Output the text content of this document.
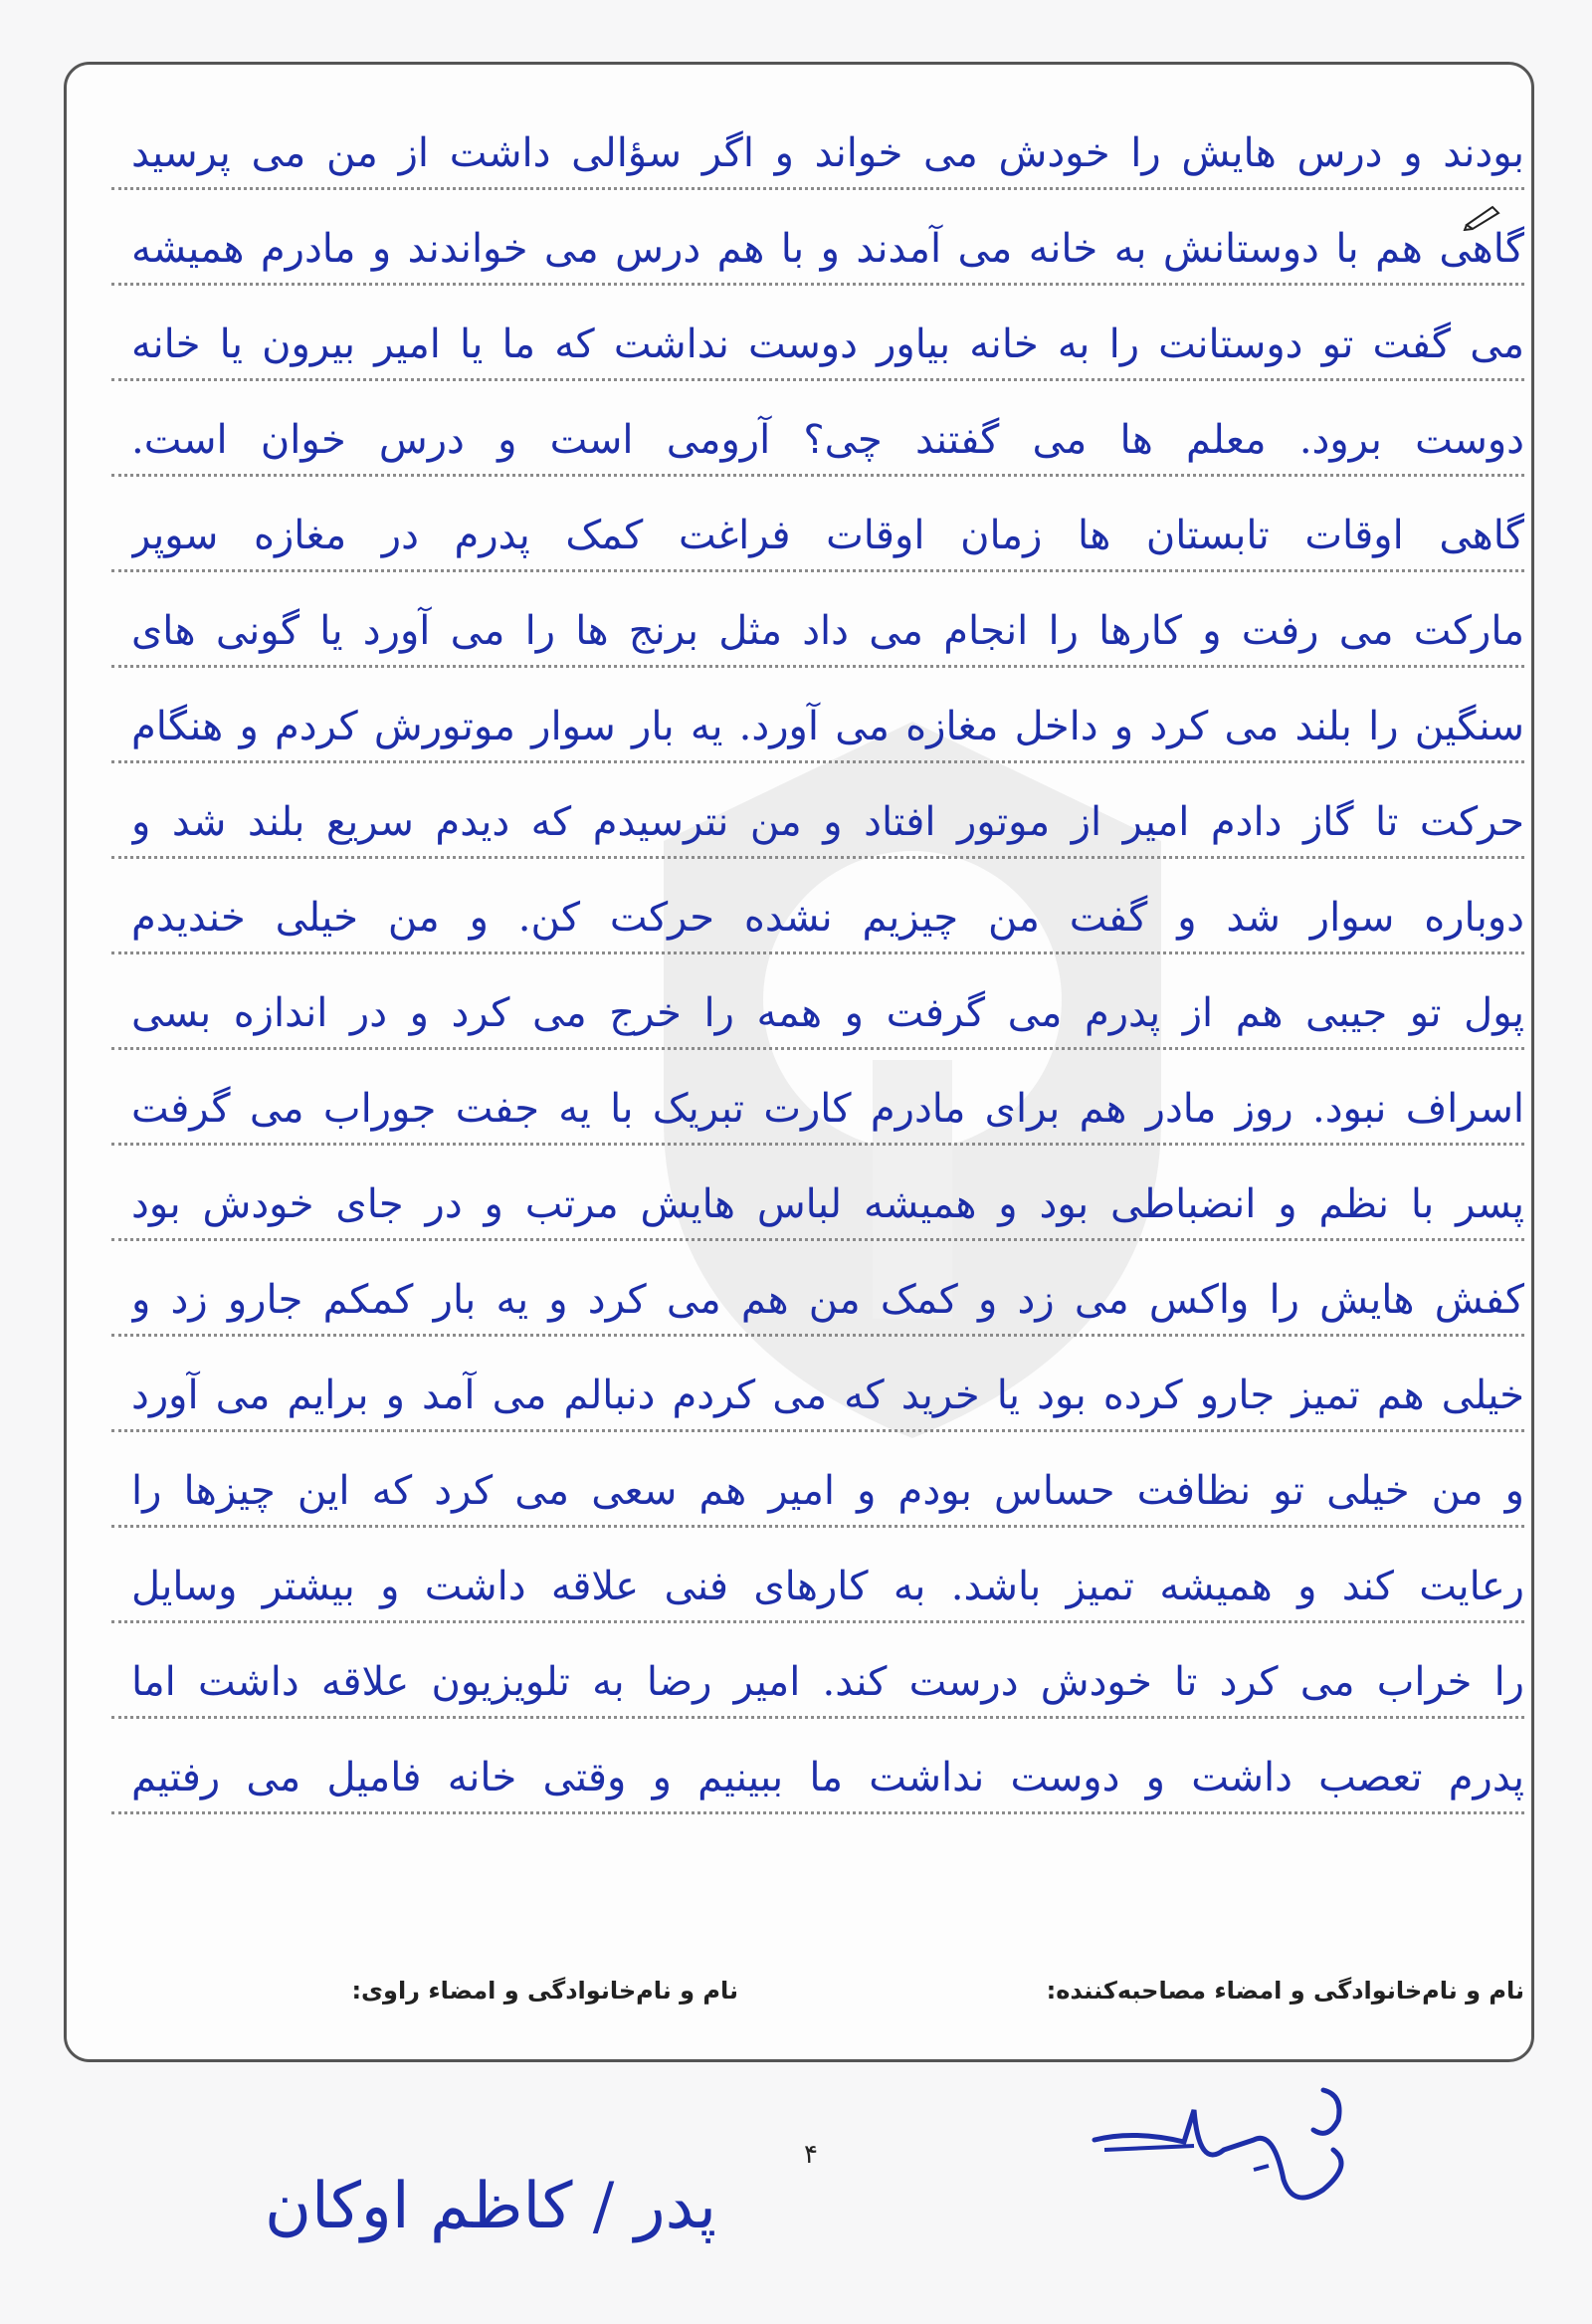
بودند و درس هایش را خودش می خواند و اگر سؤالی داشت از من می پرسید
گاهی هم با دوستانش به خانه می آمدند و با هم درس می خواندند و مادرم همیشه
می گفت تو دوستانت را به خانه بیاور دوست نداشت که ما یا امیر بیرون یا خانه
دوست برود. معلم ها می گفتند چی؟ آرومی است و درس خوان است.
گاهی اوقات تابستان ها زمان اوقات فراغت کمک پدرم در مغازه سوپر
مارکت می رفت و کارها را انجام می داد مثل برنج ها را می آورد یا گونی های
سنگین را بلند می کرد و داخل مغازه می آورد. یه بار سوار موتورش کردم و هنگام
حرکت تا گاز دادم امیر از موتور افتاد و من نترسیدم که دیدم سریع بلند شد و
دوباره سوار شد و گفت من چیزیم نشده حرکت کن. و من خیلی خندیدم
پول تو جیبی هم از پدرم می گرفت و همه را خرج می کرد و در اندازه بسی
اسراف نبود. روز مادر هم برای مادرم کارت تبریک با یه جفت جوراب می گرفت
پسر با نظم و انضباطی بود و همیشه لباس هایش مرتب و در جای خودش بود
کفش هایش را واکس می زد و کمک من هم می کرد و یه بار کمکم جارو زد و
خیلی هم تمیز جارو کرده بود یا خرید که می کردم دنبالم می آمد و برایم می آورد
و من خیلی تو نظافت حساس بودم و امیر هم سعی می کرد که این چیزها را
رعایت کند و همیشه تمیز باشد. به کارهای فنی علاقه داشت و بیشتر وسایل
را خراب می کرد تا خودش درست کند. امیر رضا به تلویزیون علاقه داشت اما
پدرم تعصب داشت و دوست نداشت ما ببینیم و وقتی خانه فامیل می رفتیم
نام و نام‌خانوادگی و امضاء مصاحبه‌کننده:
نام و نام‌خانوادگی و امضاء راوی:
۴
پدر / کاظم اوکان
